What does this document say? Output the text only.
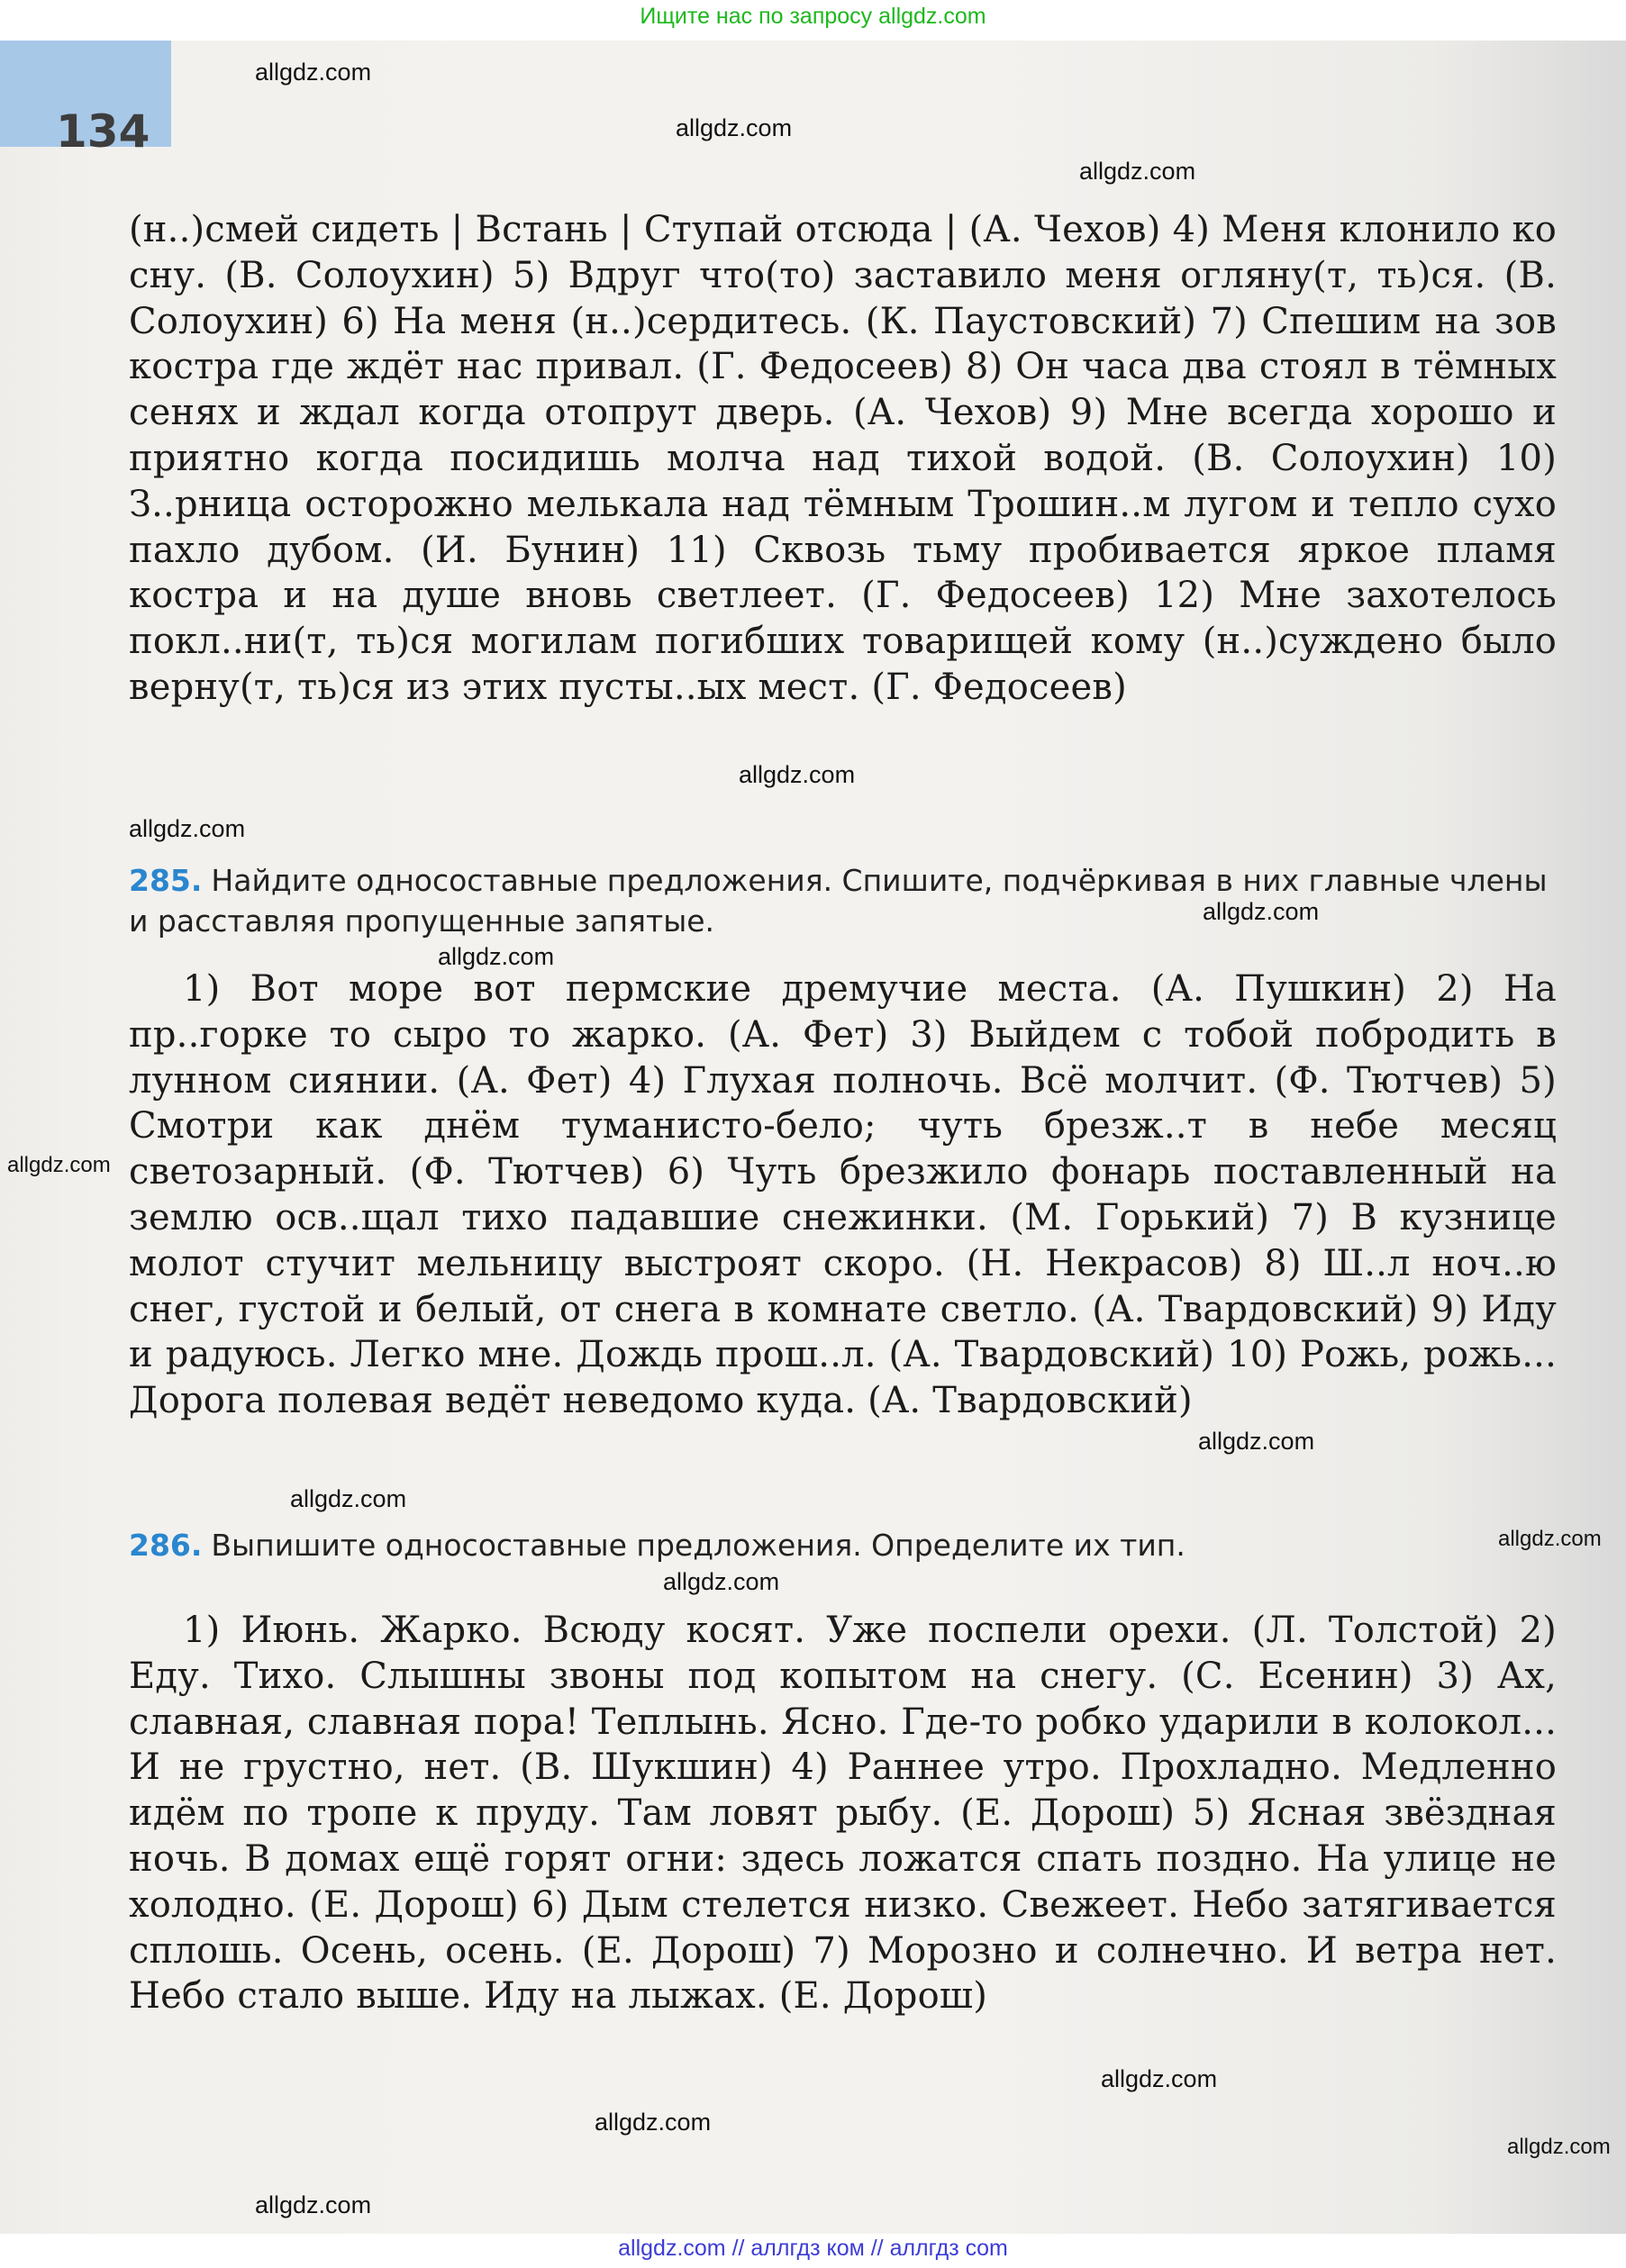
Ищите нас по запросу allgdz.com
134
(н..)смей сидеть | Встань | Ступай отсюда | (А. Чехов) 4) Меня клонило ко сну. (В. Солоухин) 5) Вдруг что(то) заставило меня огляну(т, ть)ся. (В. Солоухин) 6) На меня (н..)сердитесь. (К. Паустовский) 7) Спешим на зов костра где ждёт нас привал. (Г. Федосеев) 8) Он часа два стоял в тёмных сенях и ждал когда отопрут дверь. (А. Чехов) 9) Мне всегда хорошо и приятно когда посидишь молча над тихой водой. (В. Солоухин) 10) З..рница осторожно мелькала над тёмным Трошин..м лугом и тепло сухо пахло дубом. (И. Бунин) 11) Сквозь тьму пробивается яркое пламя костра и на душе вновь светлеет. (Г. Федосеев) 12) Мне захотелось покл..ни(т, ть)ся могилам погибших товарищей кому (н..)суждено было верну(т, ть)ся из этих пусты..ых мест. (Г. Федосеев)
285. Найдите односоставные предложения. Спишите, подчёркивая в них главные члены и расставляя пропущенные запятые.
1) Вот море вот пермские дремучие места. (А. Пушкин) 2) На пр..горке то сыро то жарко. (А. Фет) 3) Выйдем с тобой побродить в лунном сиянии. (А. Фет) 4) Глухая полночь. Всё молчит. (Ф. Тютчев) 5) Смотри как днём туманисто-бело; чуть брезж..т в небе месяц светозарный. (Ф. Тютчев) 6) Чуть брезжило фонарь поставленный на землю осв..щал тихо падавшие снежинки. (М. Горький) 7) В кузнице молот стучит мельницу выстроят скоро. (Н. Некрасов) 8) Ш..л ноч..ю снег, густой и белый, от снега в комнате светло. (А. Твардовский) 9) Иду и радуюсь. Легко мне. Дождь прош..л. (А. Твардовский) 10) Рожь, рожь... Дорога полевая ведёт неведомо куда. (А. Твардовский)
286. Выпишите односоставные предложения. Определите их тип.
1) Июнь. Жарко. Всюду косят. Уже поспели орехи. (Л. Толстой) 2) Еду. Тихо. Слышны звоны под копытом на снегу. (С. Есенин) 3) Ах, славная, славная пора! Теплынь. Ясно. Где-то робко ударили в колокол... И не грустно, нет. (В. Шукшин) 4) Раннее утро. Прохладно. Медленно идём по тропе к пруду. Там ловят рыбу. (Е. Дорош) 5) Ясная звёздная ночь. В домах ещё горят огни: здесь ложатся спать поздно. На улице не холодно. (Е. Дорош) 6) Дым стелется низко. Свежеет. Небо затягивается сплошь. Осень, осень. (Е. Дорош) 7) Морозно и солнечно. И ветра нет. Небо стало выше. Иду на лыжах. (Е. Дорош)
allgdz.com
allgdz.com
allgdz.com
allgdz.com
allgdz.com
allgdz.com
allgdz.com
allgdz.com
allgdz.com
allgdz.com
allgdz.com
allgdz.com
allgdz.com
allgdz.com
allgdz.com
allgdz.com
allgdz.com // аллгдз ком // аллгдз com
